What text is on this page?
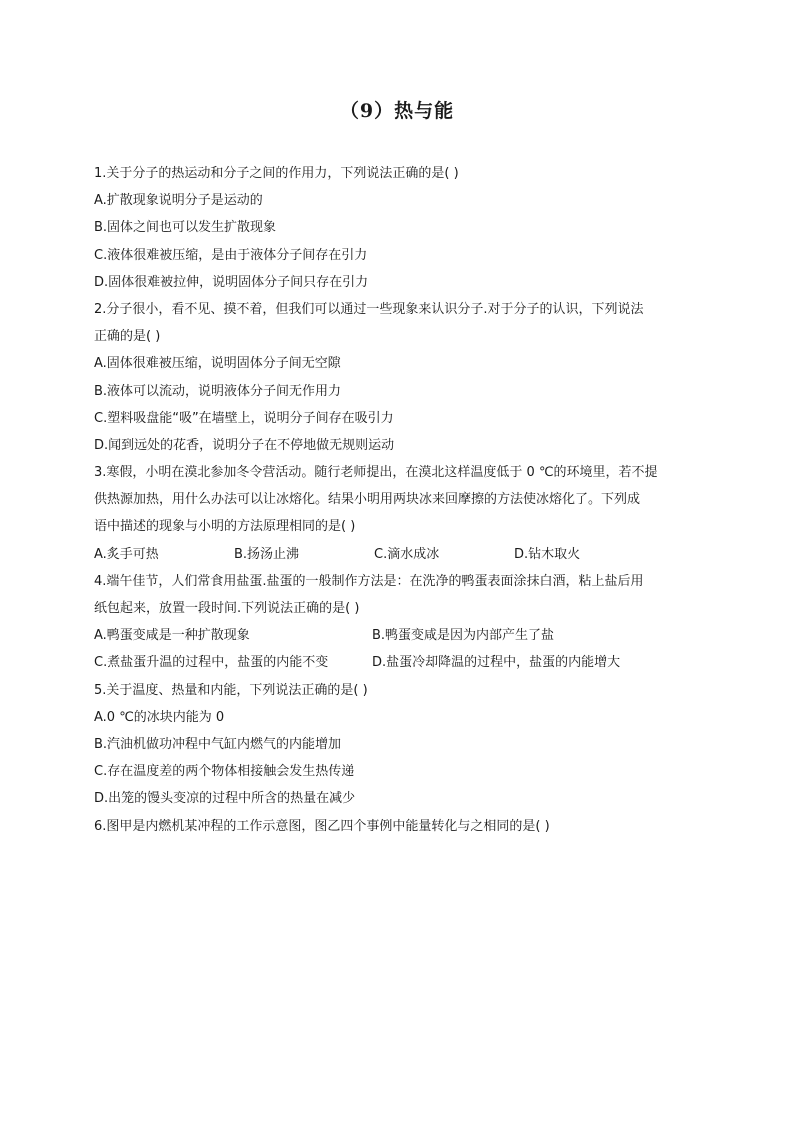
（9）热与能
1.关于分子的热运动和分子之间的作用力，下列说法正确的是( )
A.扩散现象说明分子是运动的
B.固体之间也可以发生扩散现象
C.液体很难被压缩，是由于液体分子间存在引力
D.固体很难被拉伸，说明固体分子间只存在引力
2.分子很小，看不见、摸不着，但我们可以通过一些现象来认识分子.对于分子的认识，下列说法
正确的是( )
A.固体很难被压缩，说明固体分子间无空隙
B.液体可以流动，说明液体分子间无作用力
C.塑料吸盘能“吸”在墙壁上，说明分子间存在吸引力
D.闻到远处的花香，说明分子在不停地做无规则运动
3.寒假，小明在漠北参加冬令营活动。随行老师提出，在漠北这样温度低于 0 ℃的环境里，若不提
供热源加热，用什么办法可以让冰熔化。结果小明用两块冰来回摩擦的方法使冰熔化了。下列成
语中描述的现象与小明的方法原理相同的是( )
A.炙手可热	B.扬汤止沸	C.滴水成冰	D.钻木取火
4.端午佳节，人们常食用盐蛋.盐蛋的一般制作方法是：在洗净的鸭蛋表面涂抹白酒，粘上盐后用
纸包起来，放置一段时间.下列说法正确的是( )
A.鸭蛋变咸是一种扩散现象	B.鸭蛋变咸是因为内部产生了盐
C.煮盐蛋升温的过程中，盐蛋的内能不变	D.盐蛋冷却降温的过程中，盐蛋的内能增大
5.关于温度、热量和内能，下列说法正确的是( )
A.0 ℃的冰块内能为 0
B.汽油机做功冲程中气缸内燃气的内能增加
C.存在温度差的两个物体相接触会发生热传递
D.出笼的馒头变凉的过程中所含的热量在减少
6.图甲是内燃机某冲程的工作示意图，图乙四个事例中能量转化与之相同的是( )
